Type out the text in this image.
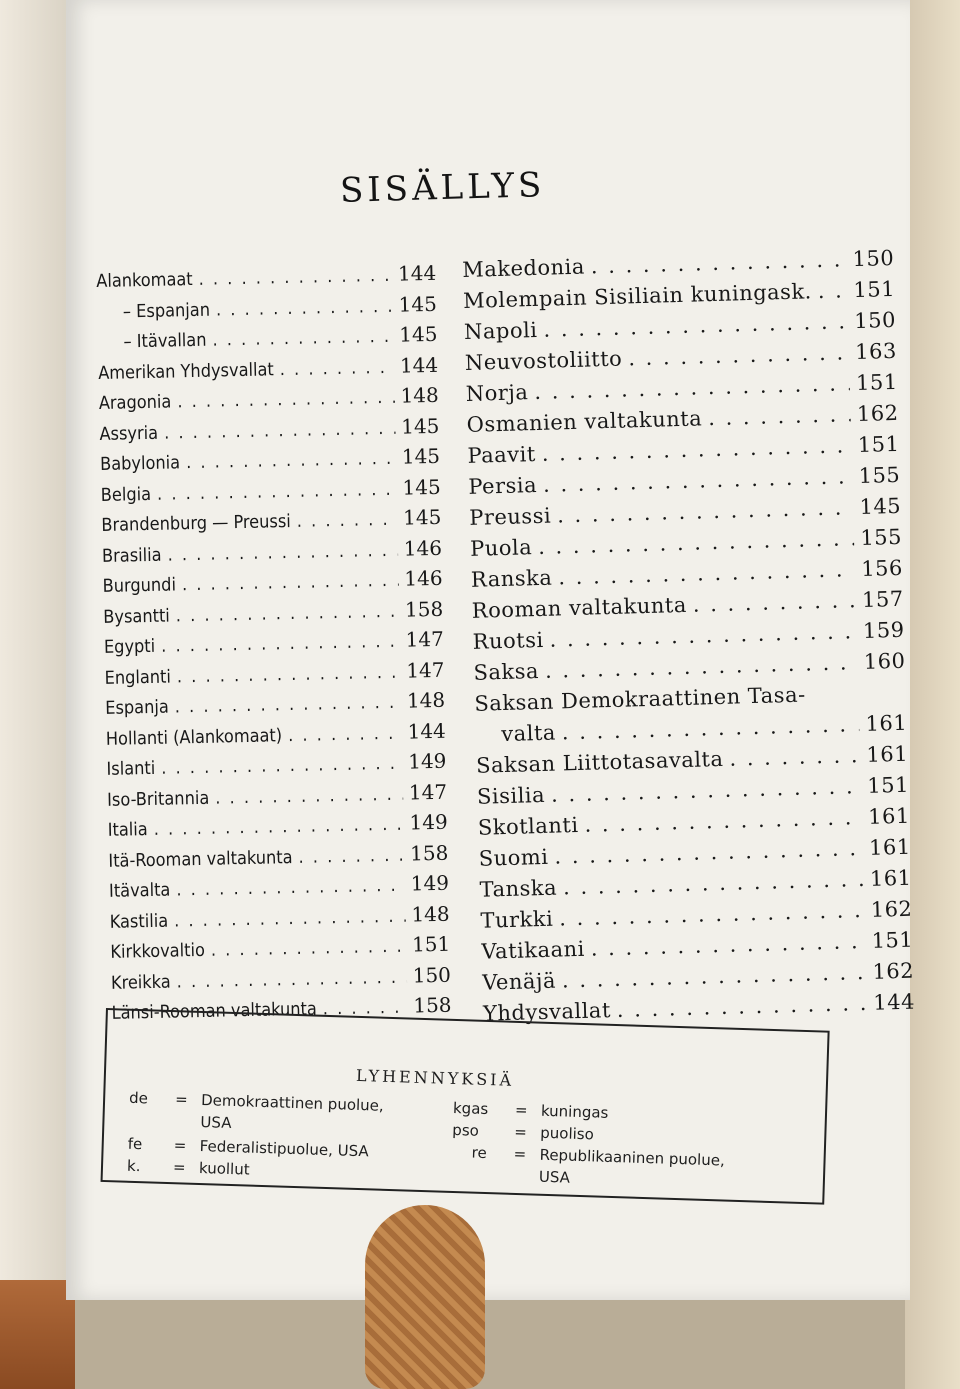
SISÄLLYS
Alankomaat . . .	144
– Espanjan . . .	145
– Itävallan . . .	145
Amerikan Yhdysvallat . . .	144
Aragonia . . .	148
Assyria . . .	145
Babylonia . . .	145
Belgia . . .	145
Brandenburg — Preussi . . .	145
Brasilia . . .	146
Burgundi . . .	146
Bysantti . . .	158
Egypti . . .	147
Englanti . . .	147
Espanja . . .	148
Hollanti (Alankomaat) . . .	144
Islanti . . .	149
Iso-Britannia . . .	147
Italia . . .	149
Itä-Rooman valtakunta . . .	158
Itävalta . . .	149
Kastilia . . .	148
Kirkkovaltio . . .	151
Kreikka . . .	150
Länsi-Rooman valtakunta . . .	158
Makedonia . . .	150
Molempain Sisiliain kuningask. . . . 151
Napoli . . .	150
Neuvostoliitto . . .	163
Norja . . .	151
Osmanien valtakunta . . .	162
Paavit . . .	151
Persia . . .	155
Preussi . . .	145
Puola . . .	155
Ranska . . .	156
Rooman valtakunta . . .	157
Ruotsi . . .	159
Saksa . . .	160
Saksan Demokraattinen Tasa-
valta . . .	161
Saksan Liittotasavalta . . .	161
Sisilia . . .	151
Skotlanti . . .	161
Suomi . . .	161
Tanska . . .	161
Turkki . . .	162
Vatikaani . . .	151
Venäjä . . .	162
Yhdysvallat . . .	144
LYHENNYKSIÄ
de	= Demokraattinen puolue,
USA
fe	= Federalistipuolue, USA
k.	= kuollut
kgas	= kuningas
pso	= puoliso
re	= Republikaaninen puolue,
USA
